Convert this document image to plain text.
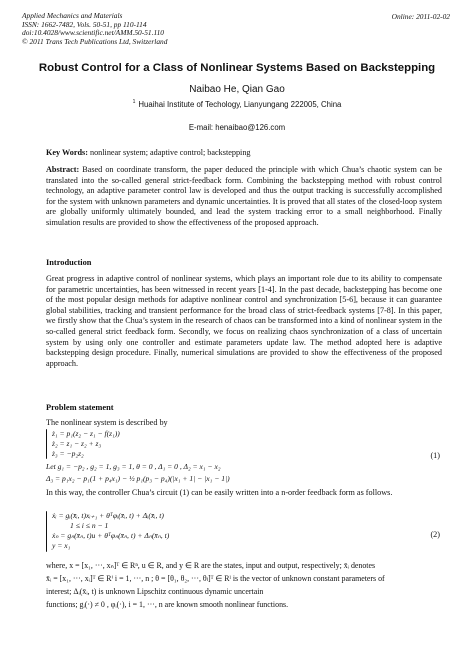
Applied Mechanics and Materials
ISSN: 1662-7482, Vols. 50-51, pp 110-114
doi:10.4028/www.scientific.net/AMM.50-51.110
© 2011 Trans Tech Publications Ltd, Switzerland
Online: 2011-02-02
Robust Control for a Class of Nonlinear Systems Based on Backstepping
Naibao He, Qian Gao
$^1$ Huaihai Institute of Techology, Lianyungang 222005, China
E-mail: henaibao@126.com
Key Words: nonlinear system; adaptive control; backstepping
Abstract: Based on coordinate transform, the paper deduced the principle with which Chua’s chaotic system can be translated into the so-called general strict-feedback form. Combining the backstepping method with robust control technology, an adaptive parameter control law is developed and thus the output tracking is successfully accomplished for the system with unknown parameters and dynamic uncertainties. It is proved that all states of the closed-loop system are globally uniformly ultimately bounded, and lead the system tracking error to a small neighborhood. Finally simulation results are provided to show the effectiveness of the proposed approach.
Introduction
Great progress in adaptive control of nonlinear systems, which plays an important role due to its ability to compensate for parametric uncertainties, has been witnessed in recent years [1-4]. In the past decade, backstepping has become one of the most popular design methods for adaptive nonlinear control and synchronization [5-6], because it can guarantee global stabilities, tracking and transient performance for the broad class of strict-feedback systems [7-8]. In this paper, we firstly show that the Chua’s system in the research of chaos can be transformed into a kind of nonlinear system in the so-called general strict feedback form. Secondly, we focus on realizing chaos synchronization of a class of uncertain system by using only one controller and estimate parameters update law. The method adopted here is adaptive backstepping design procedure. Finally, numerical simulations are provided to show the effectiveness of the proposed approach.
Problem statement
The nonlinear system is described by
ż₁ = p₁(z₂ − z₁ − f(z₁))
ż₂ = z₁ − z₂ + z₃
ż₃ = −p₂z₂
Let g₁ = −p₂ , g₂ = 1, g₃ = 1, θ = 0 , Δ₁ = 0 , Δ₂ = x₁ − x₂
(1)
Δ₃ = p₁x₂ − p₁(1 + p₄x₁) − ½ p₁(p₃ − p₄)(|x₁ + 1| − |x₁ − 1|)
In this way, the controller Chua’s circuit (1) can be easily written into a n-order feedback form as follows.
ẋᵢ = gᵢ(x̄ᵢ, t)xᵢ₊₁ + θᵀφᵢ(x̄ᵢ, t) + Δᵢ(x̄ᵢ, t)
1 ≤ i ≤ n − 1
ẋₙ = gₙ(x̄ₙ, t)u + θᵀφₙ(x̄ₙ, t) + Δₙ(x̄ₙ, t)
y = x₁
(2)
where, x = [x₁, ···, xₙ]ᵀ ∈ Rⁿ, u ∈ R, and y ∈ R are the states, input and output, respectively; x̄ᵢ denotes
x̄ᵢ = [x₁, ···, xᵢ]ᵀ ∈ Rⁱ i = 1, ···, n ; θ = [θ₁, θ₂, ···, θₗ]ᵀ ∈ Rˡ is the vector of unknown constant parameters of
interest; Δᵢ(x̄ᵢ, t) is unknown Lipschitz continuous dynamic uncertain
functions; gᵢ(·) ≠ 0 , φᵢ(·), i = 1, ···, n are known smooth nonlinear functions.
